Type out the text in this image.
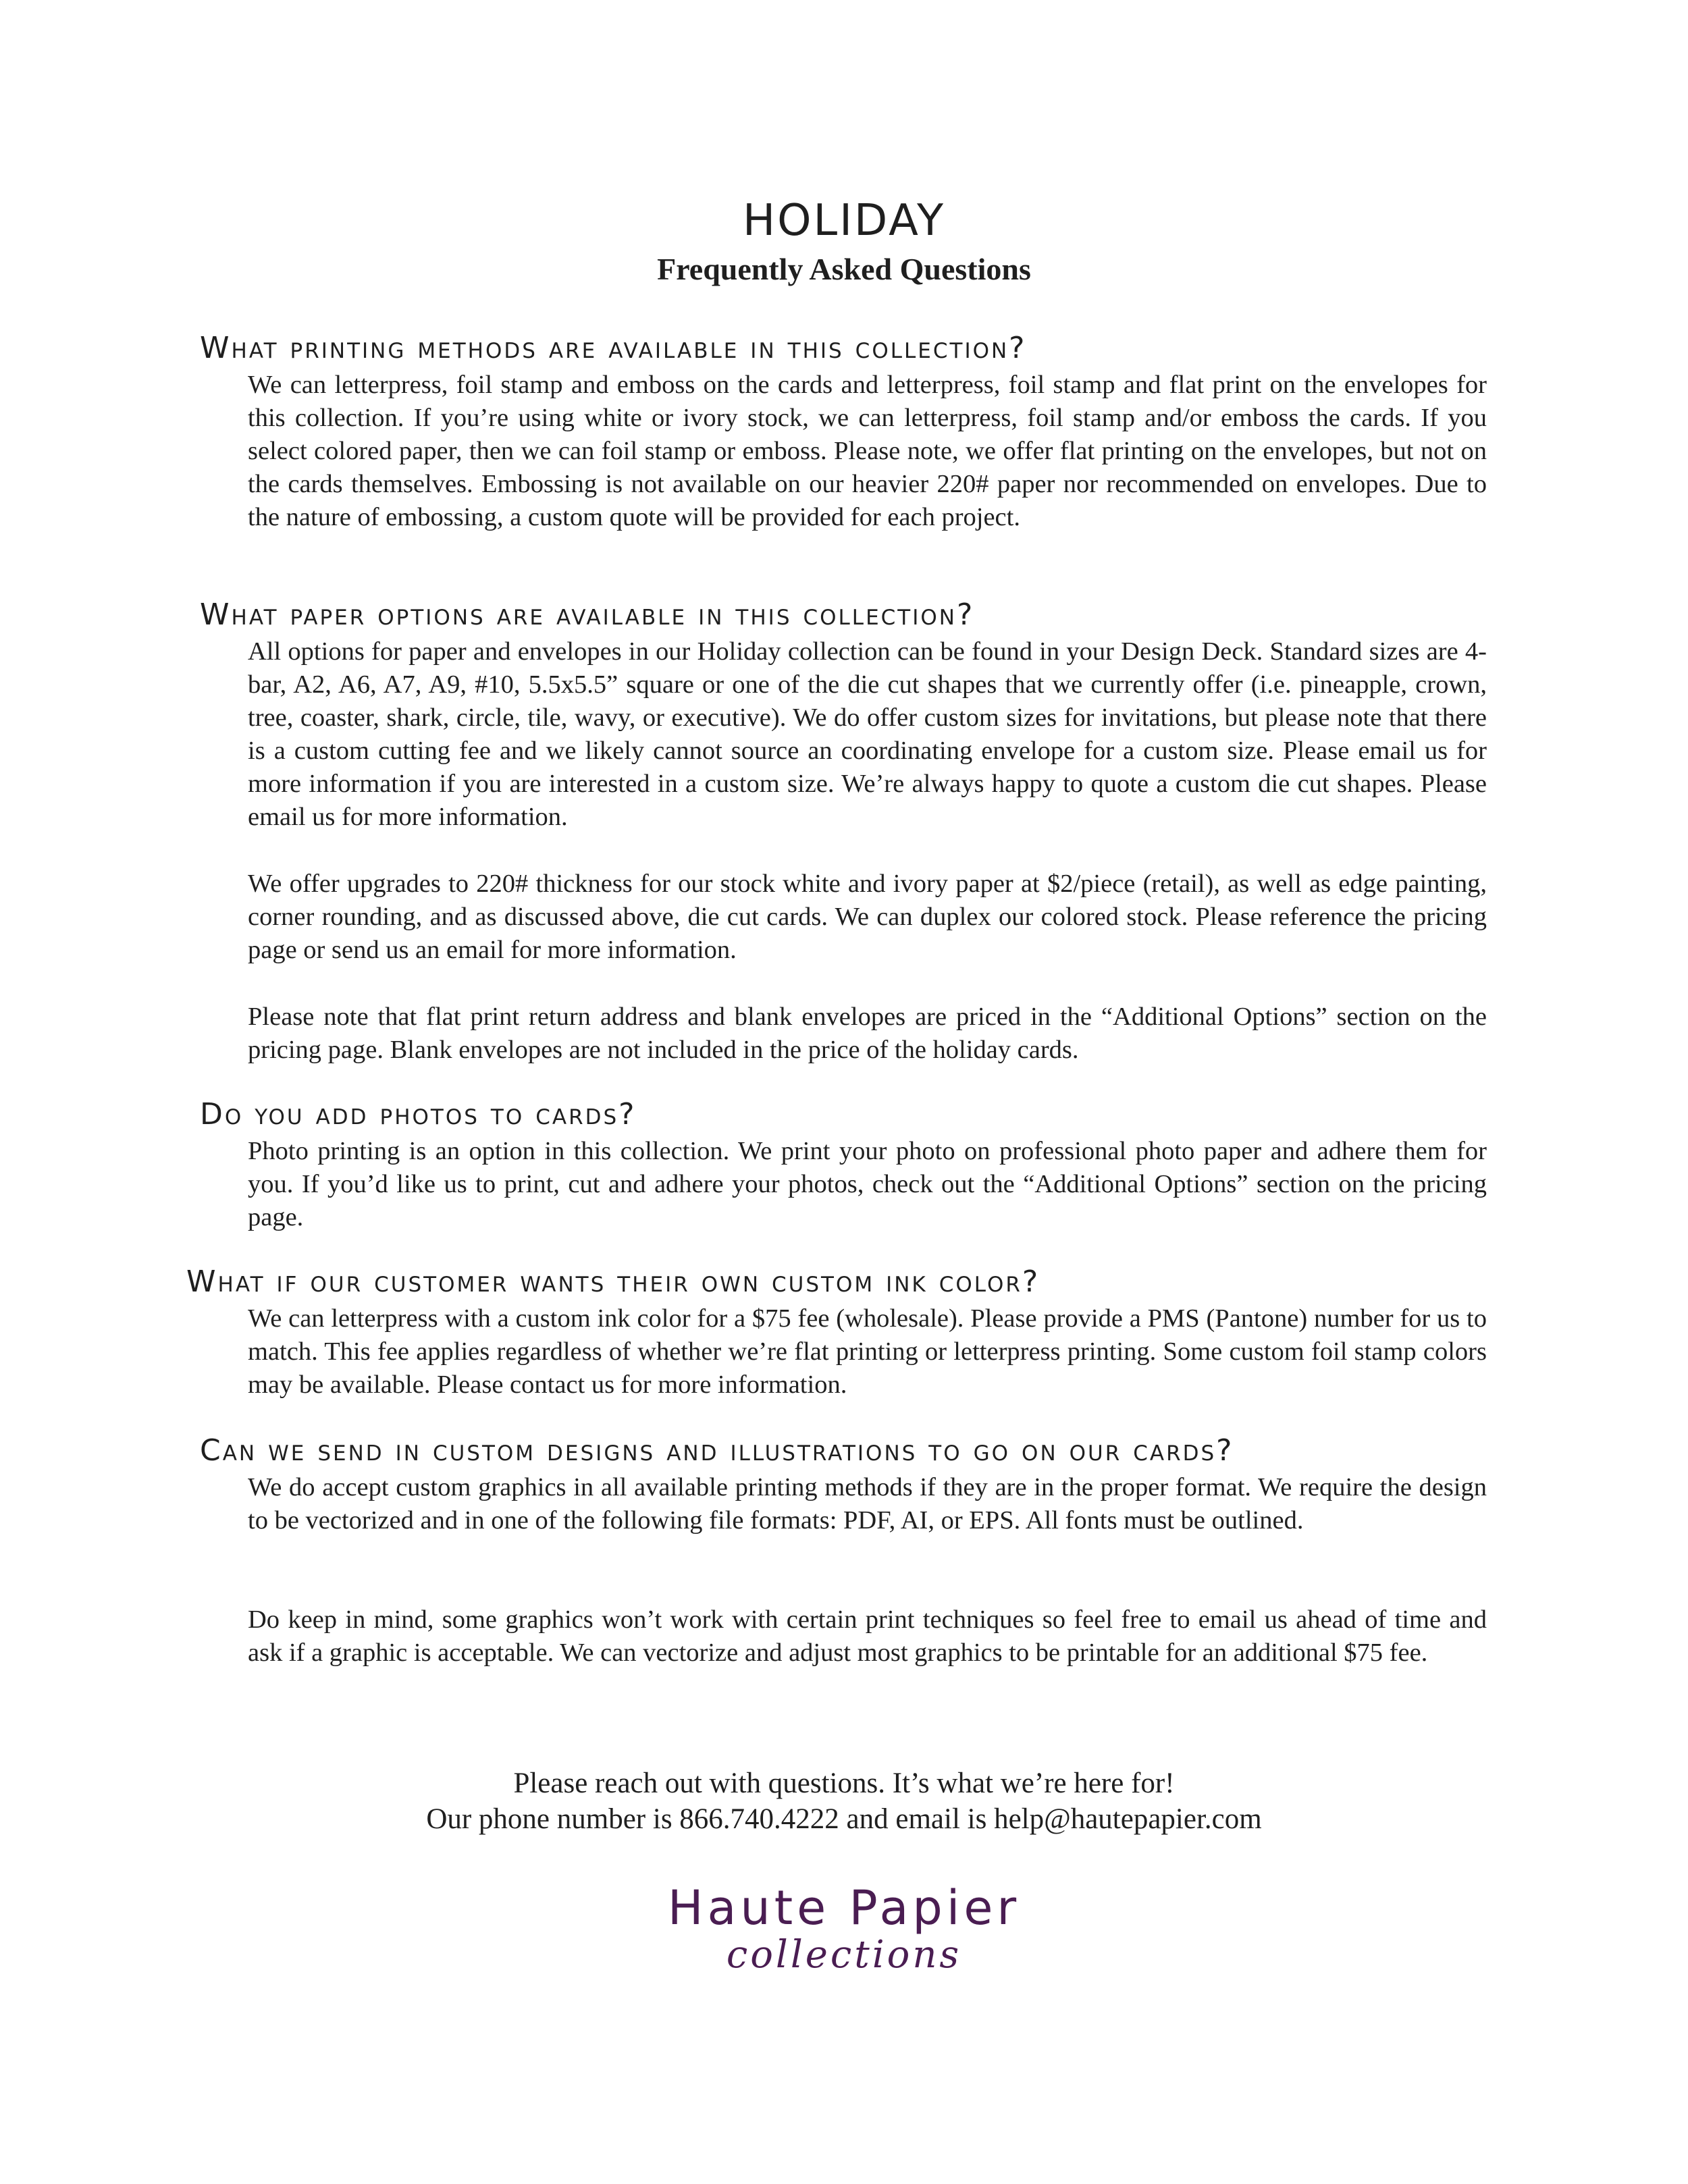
HOLIDAY
Frequently Asked Questions
What printing methods are available in this collection?

We can letterpress, foil stamp and emboss on the cards and letterpress, foil stamp and flat print on the envelopes for this collection. If you’re using white or ivory stock, we can letterpress, foil stamp and/or emboss the cards. If you select colored paper, then we can foil stamp or emboss. Please note, we offer flat printing on the envelopes, but not on the cards themselves. Embossing is not available on our heavier 220# paper nor recommended on envelopes. Due to the nature of embossing, a custom quote will be provided for each project.

What paper options are available in this collection?

All options for paper and envelopes in our Holiday collection can be found in your Design Deck. Standard sizes are 4-bar, A2, A6, A7, A9, #10, 5.5x5.5” square or one of the die cut shapes that we currently offer (i.e. pineapple, crown, tree, coaster, shark, circle, tile, wavy, or executive). We do offer custom sizes for invitations, but please note that there is a custom cutting fee and we likely cannot source an coordinating envelope for a custom size. Please email us for more information if you are interested in a custom size. We’re always happy to quote a custom die cut shapes. Please email us for more information.

We offer upgrades to 220# thickness for our stock white and ivory paper at $2/piece (retail), as well as edge painting, corner rounding, and as discussed above, die cut cards. We can duplex our colored stock. Please reference the pricing page or send us an email for more information.

Please note that flat print return address and blank envelopes are priced in the “Additional Options” section on the pricing page. Blank envelopes are not included in the price of the holiday cards.

Do you add photos to cards?

Photo printing is an option in this collection. We print your photo on professional photo paper and adhere them for you. If you’d like us to print, cut and adhere your photos, check out the “Additional Options” section on the pricing page.

What if our customer wants their own custom ink color?

We can letterpress with a custom ink color for a $75 fee (wholesale). Please provide a PMS (Pantone) number for us to match. This fee applies regardless of whether we’re flat printing or letterpress printing. Some custom foil stamp colors may be available. Please contact us for more information.

Can we send in custom designs and illustrations to go on our cards?

We do accept custom graphics in all available printing methods if they are in the proper format. We require the design to be vectorized and in one of the following file formats: PDF, AI, or EPS. All fonts must be outlined.

Do keep in mind, some graphics won’t work with certain print techniques so feel free to email us ahead of time and ask if a graphic is acceptable. We can vectorize and adjust most graphics to be printable for an additional $75 fee.

Please reach out with questions. It’s what we’re here for!

Our phone number is 866.740.4222 and email is help@hautepapier.com

Haute Papier
collections
